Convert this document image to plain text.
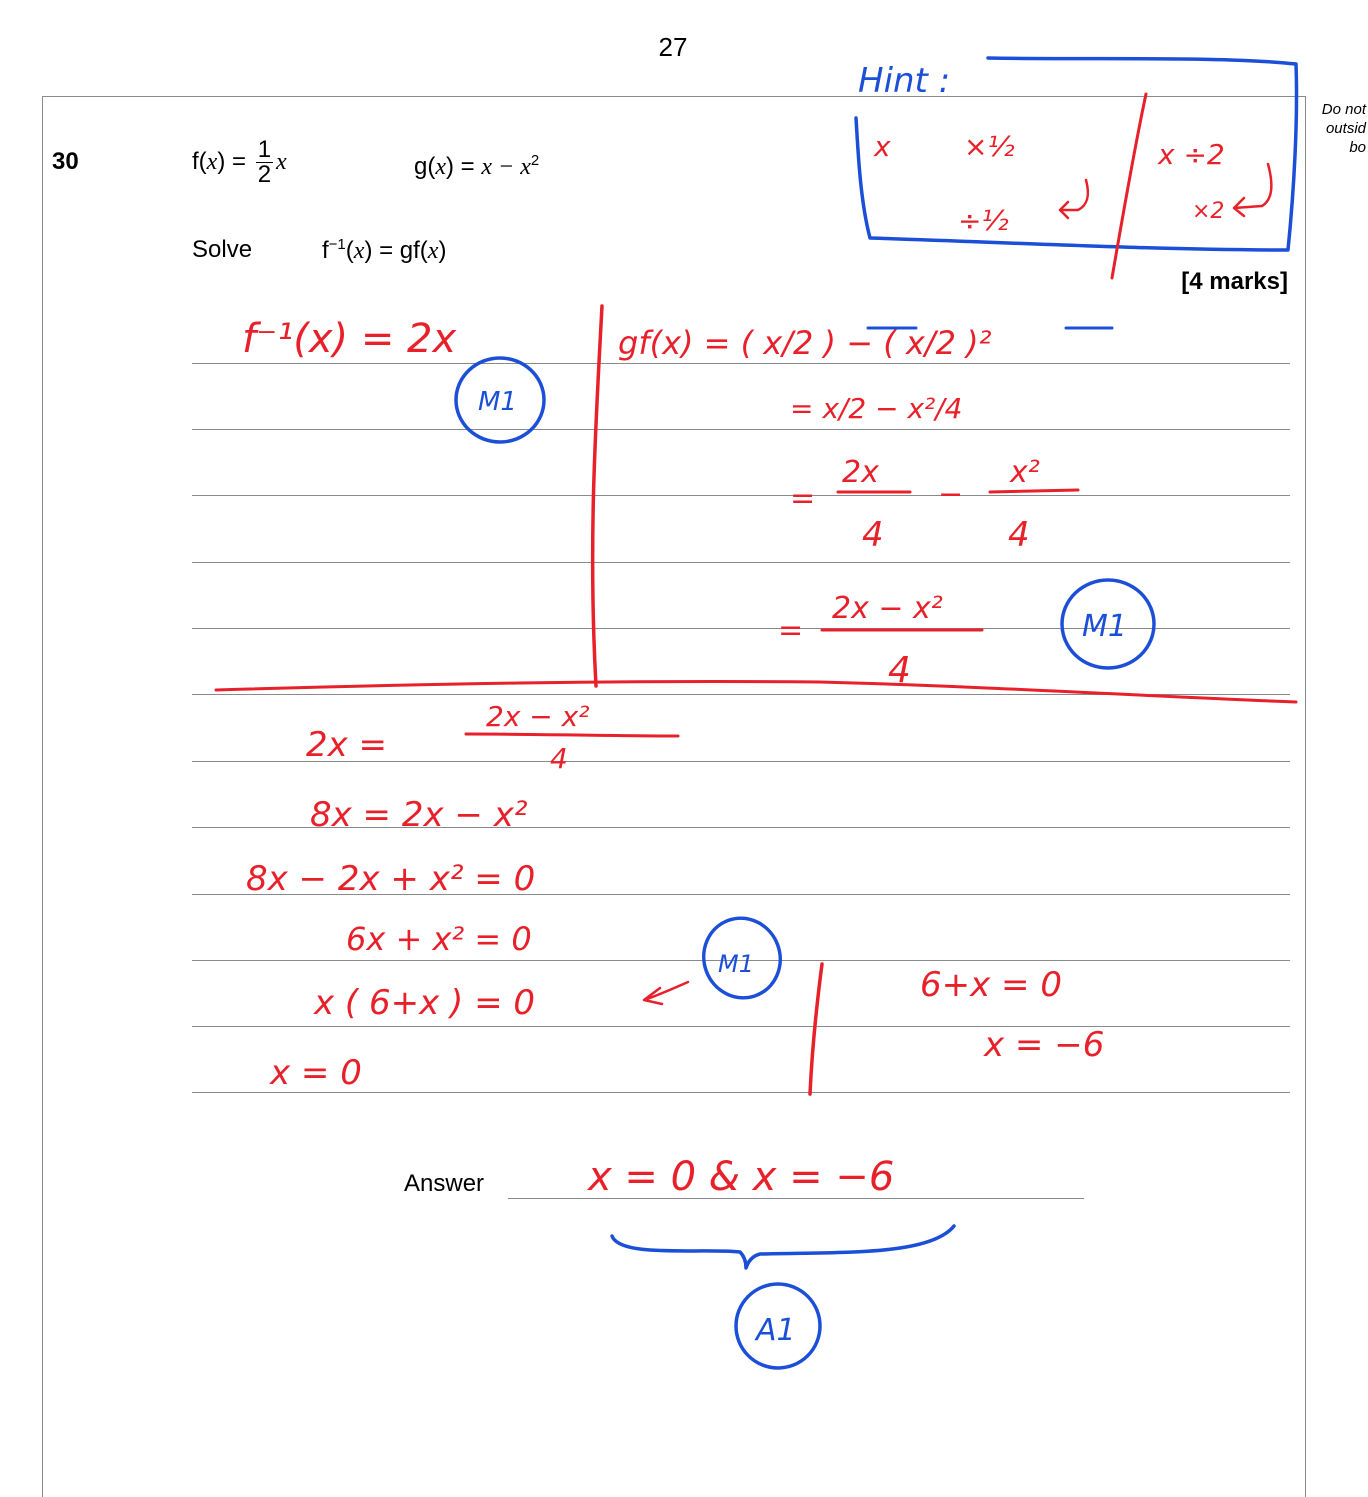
27
Do not
outsid
bo
30	$f(x) = \frac{1}{2}$ x	$g(x) = x - x^2$
Solve	$f^{-1}(x) = gf(x)$
[4 marks]
Answer
Hint :
M1
M1
M1
A1
x	×½
÷½
x ÷2
×2
f⁻¹(x) = 2x	gf(x) = ( x/2 ) − ( x/2 )²
= x/2 − x²/4
2x	x²
=	−
4	4
=
2x − x²
4
2x =
2x − x²
4
8x = 2x − x²
8x − 2x + x² = 0
6x + x² = 0
x ( 6+x ) = 0
x = 0
6+x = 0
x = −6
x = 0 & x = −6
